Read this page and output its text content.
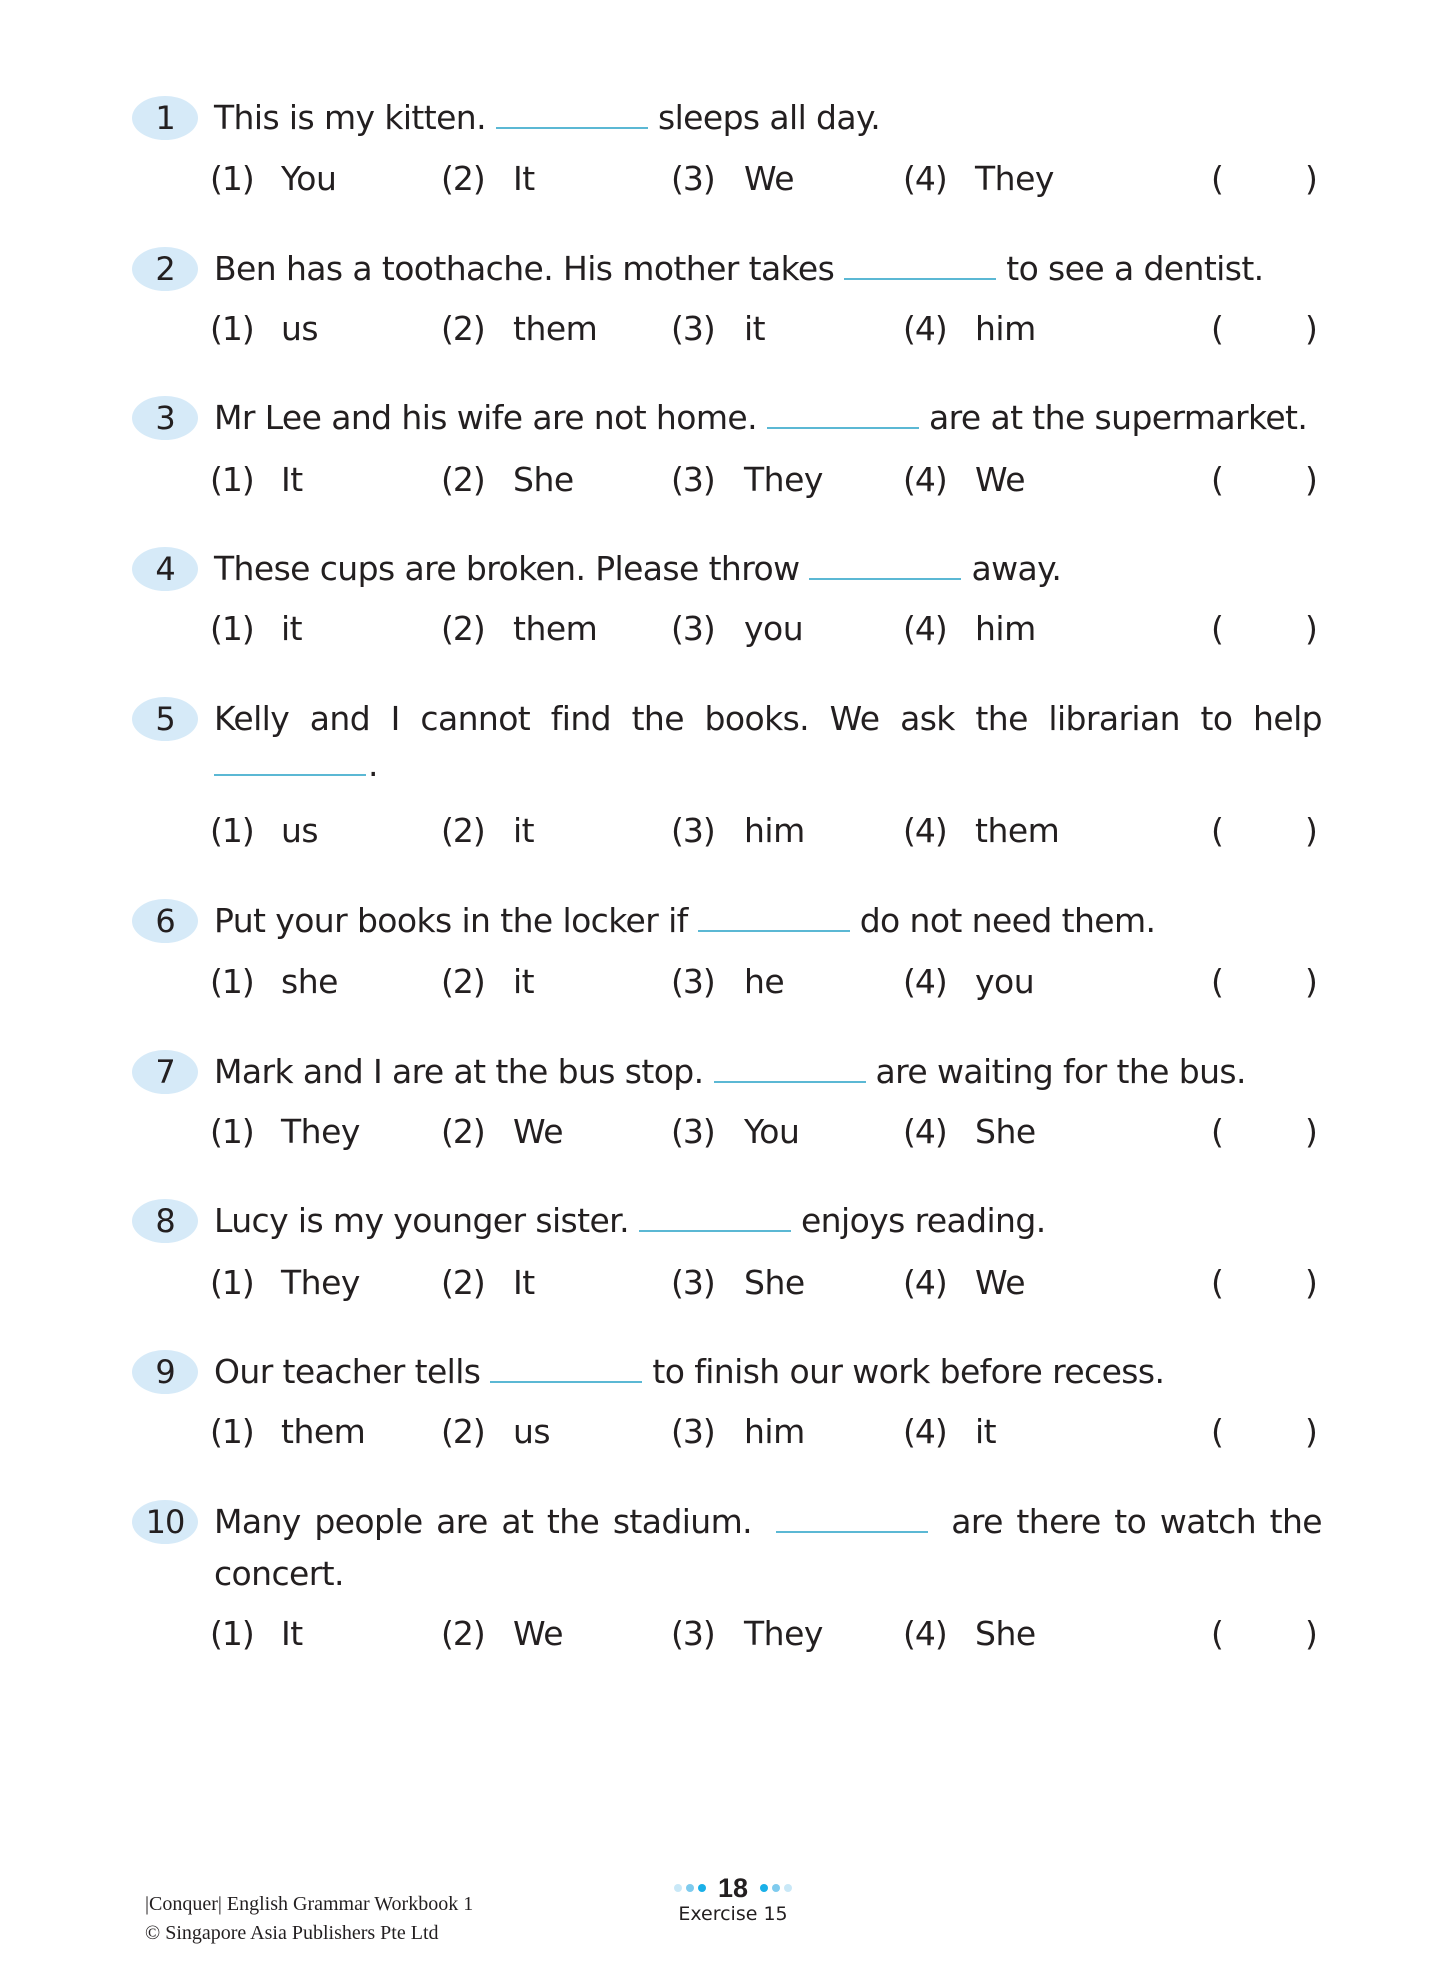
1	This is my kitten.	sleeps all day.
(1) You	(2) It	(3) We	(4) They	( )
2	Ben has a toothache. His mother takes	to see a dentist.
(1) us	(2) them (3) it	(4) him	( )
3	Mr Lee and his wife are not home.	are at the supermarket.
(1) It	(2) She	(3) They (4) We	( )
4	These cups are broken. Please throw	away.
(1) it	(2) them (3) you	(4) him	( )
5	Kelly and I cannot find the books. We ask the librarian to help
.
(1) us	(2) it	(3) him	(4) them	( )
6	Put your books in the locker if	do not need them.
(1) she	(2) it	(3) he	(4) you	( )
7	Mark and I are at the bus stop.	are waiting for the bus.
(1) They (2) We	(3) You	(4) She	( )
8	Lucy is my younger sister.	enjoys reading.
(1) They (2) It	(3) She	(4) We	( )
9	Our teacher tells	to finish our work before recess.
(1) them (2) us	(3) him	(4) it	( )
10 Many people are at the stadium.	are there to watch the
concert.
(1) It	(2) We	(3) They (4) She	( )
|Conquer| English Grammar Workbook 1
© Singapore Asia Publishers Pte Ltd
18
Exercise 15
